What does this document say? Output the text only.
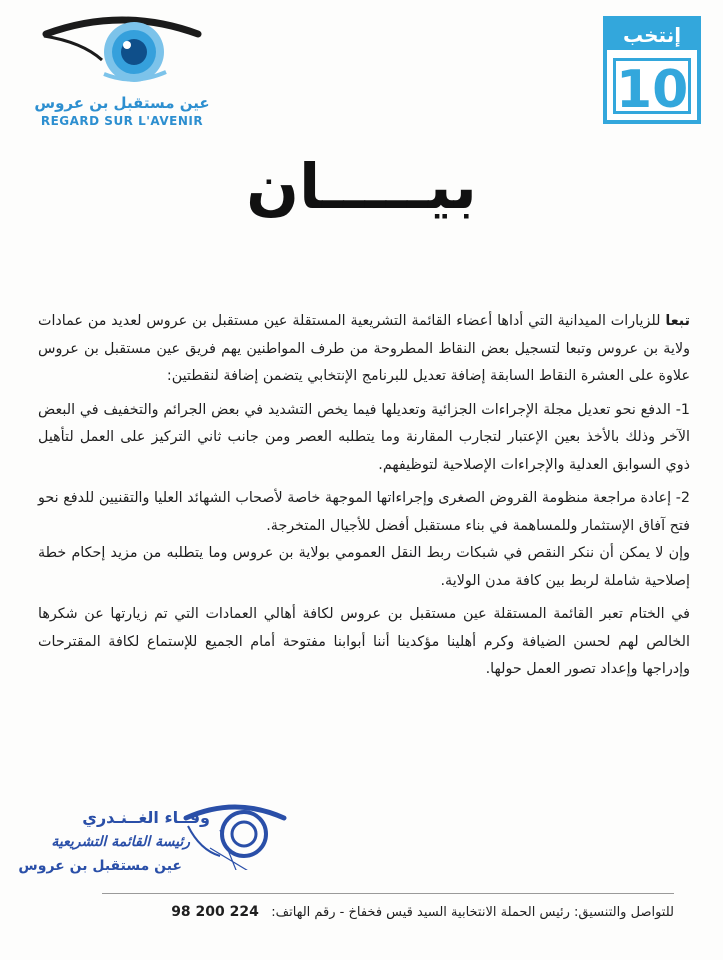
عين مستقبل بن عروس
REGARD SUR L'AVENIR
إنتخب
10
بيـــــان

تبعا للزيارات الميدانية التي أداها أعضاء القائمة التشريعية المستقلة عين مستقبل بن عروس لعديد من عمادات ولاية بن عروس وتبعا لتسجيل بعض النقاط المطروحة من طرف المواطنين يهم فريق عين مستقبل بن عروس علاوة على العشرة النقاط السابقة إضافة تعديل للبرنامج الإنتخابي يتضمن إضافة لنقطتين:

1- الدفع نحو تعديل مجلة الإجراءات الجزائية وتعديلها فيما يخص التشديد في بعض الجرائم والتخفيف في البعض الآخر وذلك بالأخذ بعين الإعتبار لتجارب المقارنة وما يتطلبه العصر ومن جانب ثاني التركيز على العمل لتأهيل ذوي السوابق العدلية والإجراءات الإصلاحية لتوظيفهم.

2- إعادة مراجعة منظومة القروض الصغرى وإجراءاتها الموجهة خاصة لأصحاب الشهائد العليا والتقنيين للدفع نحو فتح آفاق الإستثمار وللمساهمة في بناء مستقبل أفضل للأجيال المتخرجة.

وإن لا يمكن أن ننكر النقص في شبكات ربط النقل العمومي بولاية بن عروس وما يتطلبه من مزيد إحكام خطة إصلاحية شاملة لربط بين كافة مدن الولاية.

في الختام تعبر القائمة المستقلة عين مستقبل بن عروس لكافة أهالي العمادات التي تم زيارتها عن شكرها الخالص لهم لحسن الضيافة وكرم أهلينا مؤكدينا أننا أبوابنا مفتوحة أمام الجميع للإستماع لكافة المقترحات وإدراجها وإعداد تصور العمل حولها.

وفــاء الغــنـدري
رئيسة القائمة التشريعية
عين مستقبل بن عروس
للتواصل والتنسيق: رئيس الحملة الانتخابية السيد قيس فخفاخ - رقم الهاتف:   98 200 224
